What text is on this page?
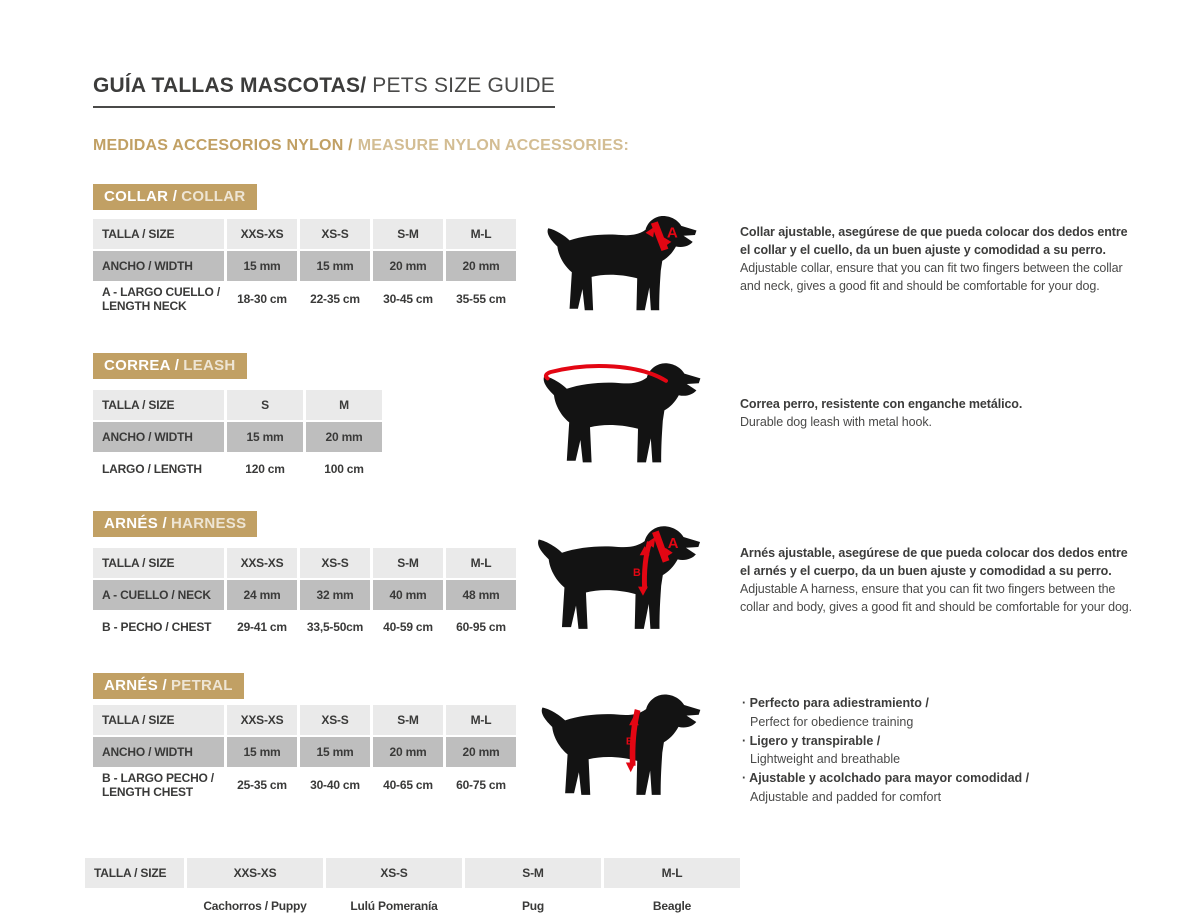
GUÍA TALLAS MASCOTAS/ PETS SIZE GUIDE
MEDIDAS ACCESORIOS NYLON / MEASURE NYLON ACCESSORIES:
COLLAR / COLLAR
TALLA / SIZE	XXS-XS	XS-S	S-M	M-L
ANCHO / WIDTH	15 mm	15 mm	20 mm	20 mm
A - LARGO CUELLO / LENGTH NECK	18-30 cm	22-35 cm	30-45 cm	35-55 cm
A	Collar ajustable, asegúrese de que pueda colocar dos dedos entre el collar y el cuello, da un buen ajuste y comodidad a su perro.
Adjustable collar, ensure that you can fit two fingers between the collar and neck, gives a good fit and should be comfortable for your dog.
CORREA / LEASH
TALLA / SIZE	S	M
ANCHO / WIDTH	15 mm	20 mm
LARGO / LENGTH	120 cm	100 cm
Correa perro, resistente con enganche metálico.
Durable dog leash with metal hook.
ARNÉS / HARNESS
TALLA / SIZE	XXS-XS	XS-S	S-M	M-L
A - CUELLO / NECK	24 mm	32 mm	40 mm	48 mm
B - PECHO / CHEST	29-41 cm	33,5-50cm	40-59 cm	60-95 cm
A
B
Arnés ajustable, asegúrese de que pueda colocar dos dedos entre el arnés y el cuerpo, da un buen ajuste y comodidad a su perro.
Adjustable A harness, ensure that you can fit two fingers between the collar and body, gives a good fit and should be comfortable for your dog.
ARNÉS / PETRAL
TALLA / SIZE	XXS-XS	XS-S	S-M	M-L
ANCHO / WIDTH	15 mm	15 mm	20 mm	20 mm
B - LARGO PECHO / LENGTH CHEST	25-35 cm	30-40 cm	40-65 cm	60-75 cm
B
· Perfecto para adiestramiento /
Perfect for obedience training
· Ligero y transpirable /
Lightweight and breathable
· Ajustable y acolchado para mayor comodidad /
Adjustable and padded for comfort
TALLA / SIZE	XXS-XS	XS-S	S-M	M-L
	Cachorros / Puppy	Lulú Pomeranía	Pug	Beagle
